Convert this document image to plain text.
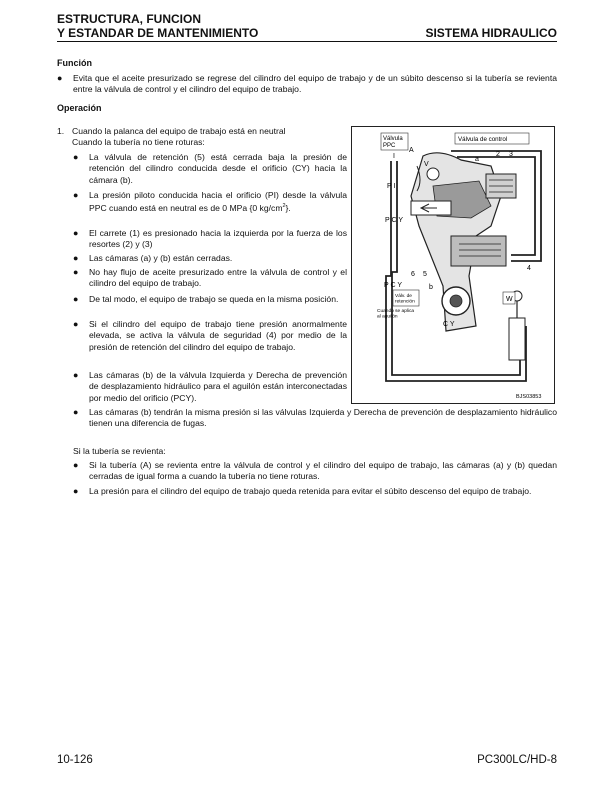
ESTRUCTURA, FUNCION
Y ESTANDAR DE MANTENIMIENTO	SISTEMA HIDRAULICO
Función
● Evita que el aceite presurizado se regrese del cilindro del equipo de trabajo y de un súbito descenso si la tubería se revienta entre la válvula de control y el cilindro del equipo de trabajo.
Operación
1. Cuando la palanca del equipo de trabajo está en neutral
Cuando la tubería no tiene roturas:
● La válvula de retención (5) está cerrada baja la presión de retención del cilindro conducida desde el orificio (CY) hacia la cámara (b).
● La presión piloto conducida hacia el orificio (PI) desde la válvula PPC cuando está en neutral es de 0 MPa {0 $kg/cm^2$}.
● El carrete (1) es presionado hacia la izquierda por la fuerza de los resortes (2) y (3)
● Las cámaras (a) y (b) están cerradas.
● No hay flujo de aceite presurizado entre la válvula de control y el cilindro del equipo de trabajo.
● De tal modo, el equipo de trabajo se queda en la misma posición.
● Si el cilindro del equipo de trabajo tiene presión anormalmente elevada, se activa la válvula de seguridad (4) por medio de la presión de retención del cilindro del equipo de trabajo.
● Las cámaras (b) de la válvula Izquierda y Derecha de prevención de desplazamiento hidráulico para el aguilón están interconectadas por medio del orificio (PCY).
● Las cámaras (b) tendrán la misma presión si las válvulas Izquierda y Derecha de prevención de desplazamiento hidráulico tienen una diferencia de fugas.
Si la tubería se revienta:
● Si la tubería (A) se revienta entre la válvula de control y el cilindro del equipo de trabajo, las cámaras (a) y (b) quedan cerradas de igual forma a cuando la tubería no tiene roturas.
● La presión para el cilindro del equipo de trabajo queda retenida para evitar el súbito descenso del equipo de trabajo.
Válvula PPC
Válvula de control
A
I
V
a
2 3
P I
P C Y
6 5
b
4
P C Y
Válv. de retención
Cuando se aplica al aguilón
C Y
W
BJS03853
10-126	PC300LC/HD-8
